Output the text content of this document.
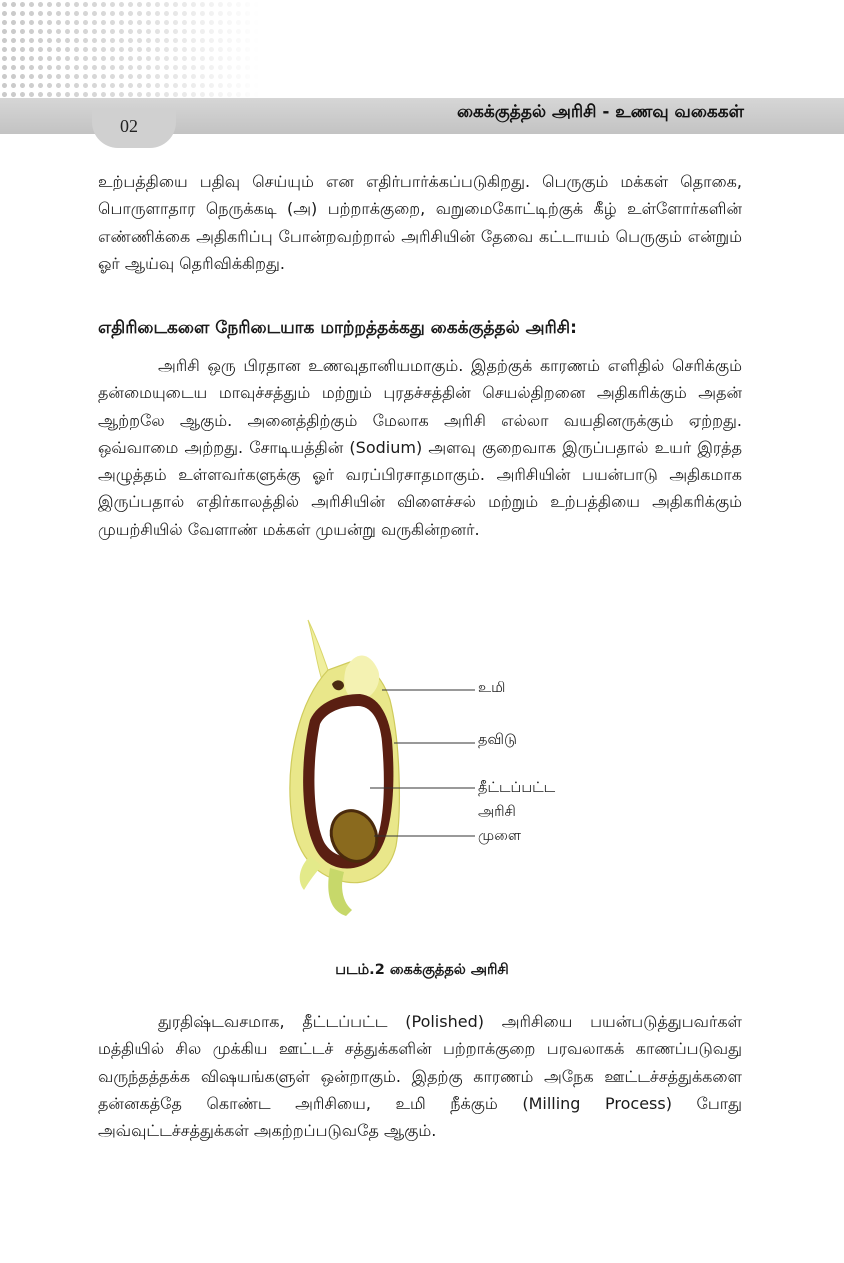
02
கைக்குத்தல் அரிசி - உணவு வகைகள்

உற்பத்தியை பதிவு செய்யும் என எதிர்பார்க்கப்படுகிறது. பெருகும் மக்கள் தொகை, பொருளாதார நெருக்கடி (அ) பற்றாக்குறை, வறுமைகோட்டிற்குக் கீழ் உள்ளோர்களின் எண்ணிக்கை அதிகரிப்பு போன்றவற்றால் அரிசியின் தேவை கட்டாயம் பெருகும் என்றும் ஓர் ஆய்வு தெரிவிக்கிறது.

எதிரிடைகளை நேரிடையாக மாற்றத்தக்கது கைக்குத்தல் அரிசி:

அரிசி ஒரு பிரதான உணவுதானியமாகும். இதற்குக் காரணம் எளிதில் செரிக்கும் தன்மையுடைய மாவுச்சத்தும் மற்றும் புரதச்சத்தின் செயல்திறனை அதிகரிக்கும் அதன் ஆற்றலே ஆகும். அனைத்திற்கும் மேலாக அரிசி எல்லா வயதினருக்கும் ஏற்றது. ஒவ்வாமை அற்றது. சோடியத்தின் (Sodium) அளவு குறைவாக இருப்பதால் உயர் இரத்த அழுத்தம் உள்ளவர்களுக்கு ஓர் வரப்பிரசாதமாகும். அரிசியின் பயன்பாடு அதிகமாக இருப்பதால் எதிர்காலத்தில் அரிசியின் விளைச்சல் மற்றும் உற்பத்தியை அதிகரிக்கும் முயற்சியில் வேளாண் மக்கள் முயன்று வருகின்றனர்.

உமி
தவிடு
தீட்டப்பட்ட
அரிசி
முளை
படம்.2 கைக்குத்தல் அரிசி

துரதிஷ்டவசமாக, தீட்டப்பட்ட (Polished) அரிசியை பயன்படுத்துபவர்கள் மத்தியில் சில முக்கிய ஊட்டச் சத்துக்களின் பற்றாக்குறை பரவலாகக் காணப்படுவது வருந்தத்தக்க விஷயங்களுள் ஒன்றாகும். இதற்கு காரணம் அநேக ஊட்டச்சத்துக்களை தன்னகத்தே கொண்ட அரிசியை, உமி நீக்கும் (Milling Process) போது அவ்வுட்டச்சத்துக்கள் அகற்றப்படுவதே ஆகும்.
